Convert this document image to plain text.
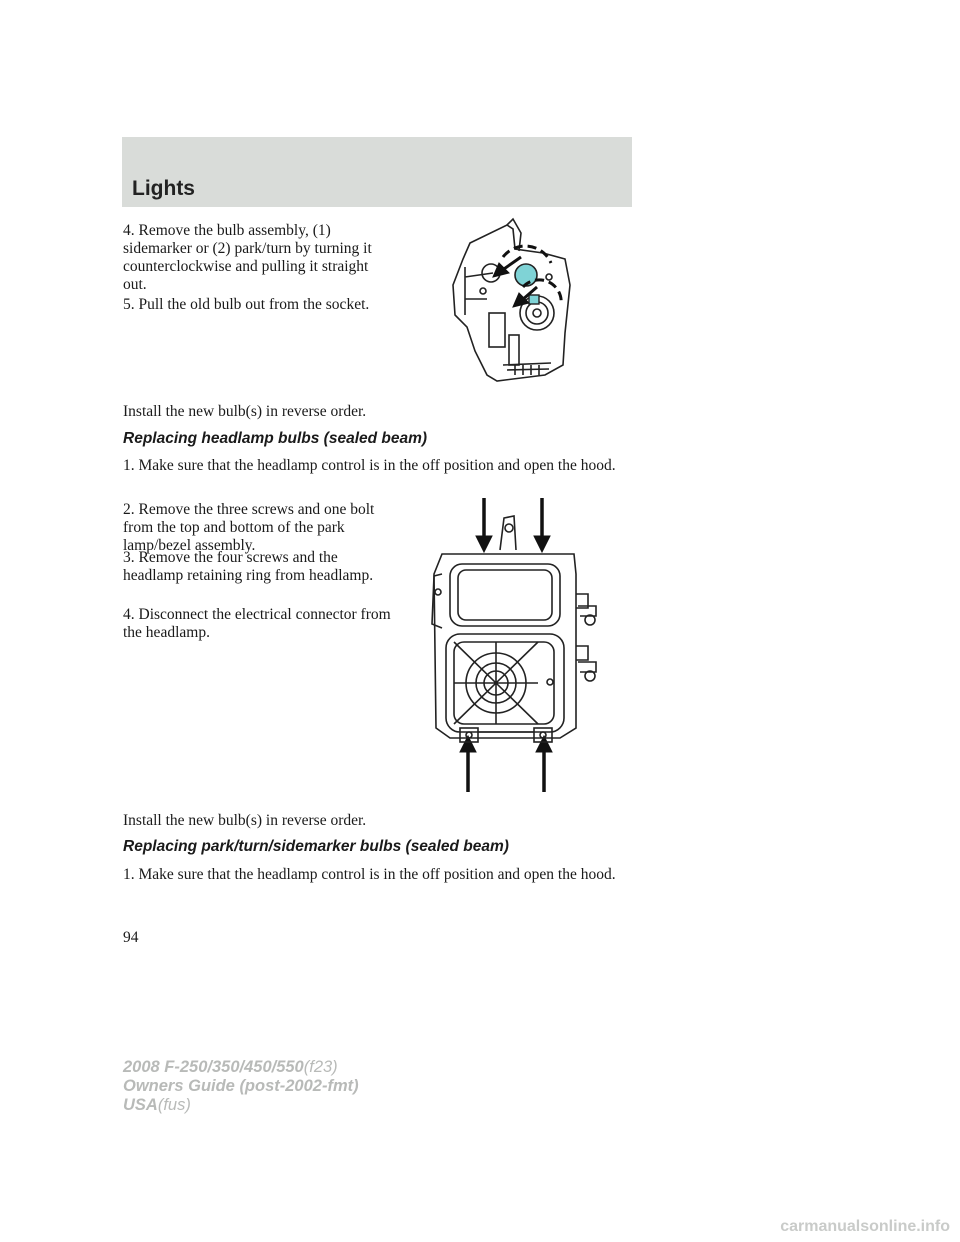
Lights

4. Remove the bulb assembly, (1) sidemarker or (2) park/turn by turning it counterclockwise and pulling it straight out.

5. Pull the old bulb out from the socket.

Install the new bulb(s) in reverse order.

Replacing headlamp bulbs (sealed beam)

1. Make sure that the headlamp control is in the off position and open the hood.

2. Remove the three screws and one bolt from the top and bottom of the park lamp/bezel assembly.

3. Remove the four screws and the headlamp retaining ring from headlamp.

4. Disconnect the electrical connector from the headlamp.

Install the new bulb(s) in reverse order.

Replacing park/turn/sidemarker bulbs (sealed beam)

1. Make sure that the headlamp control is in the off position and open the hood.

94
2008 F-250/350/450/550(f23)
Owners Guide (post-2002-fmt)
USA(fus)
carmanualsonline.info
